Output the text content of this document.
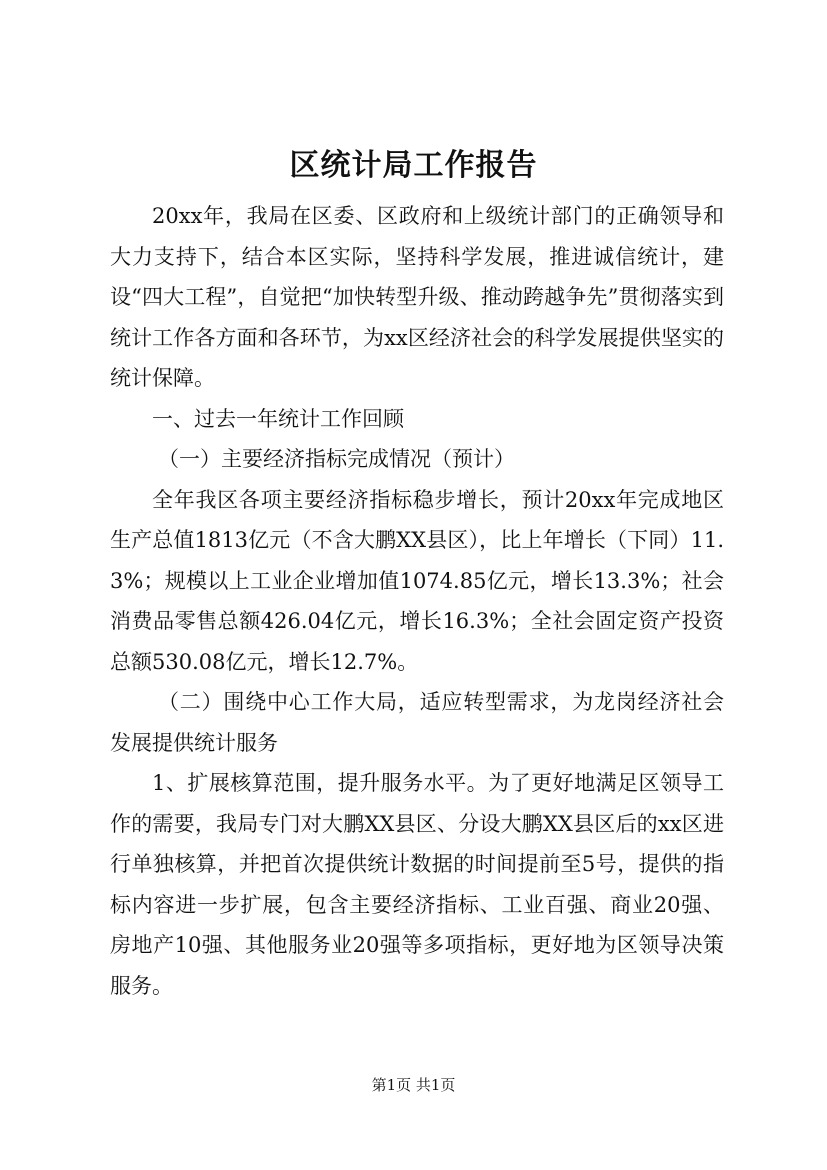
区统计局工作报告

20xx年，我局在区委、区政府和上级统计部门的正确领导和大力支持下，结合本区实际，坚持科学发展，推进诚信统计，建设“四大工程”，自觉把“加快转型升级、推动跨越争先”贯彻落实到统计工作各方面和各环节，为xx区经济社会的科学发展提供坚实的统计保障。

一、过去一年统计工作回顾

（一）主要经济指标完成情况（预计）

全年我区各项主要经济指标稳步增长，预计20xx年完成地区生产总值1813亿元（不含大鹏XX县区），比上年增长（下同）11.3%；规模以上工业企业增加值1074.85亿元，增长13.3%；社会消费品零售总额426.04亿元，增长16.3%；全社会固定资产投资总额530.08亿元，增长12.7%。

（二）围绕中心工作大局，适应转型需求，为龙岗经济社会发展提供统计服务

1、扩展核算范围，提升服务水平。为了更好地满足区领导工作的需要，我局专门对大鹏XX县区、分设大鹏XX县区后的xx区进行单独核算，并把首次提供统计数据的时间提前至5号，提供的指标内容进一步扩展，包含主要经济指标、工业百强、商业20强、房地产10强、其他服务业20强等多项指标，更好地为区领导决策服务。

第1页 共1页
